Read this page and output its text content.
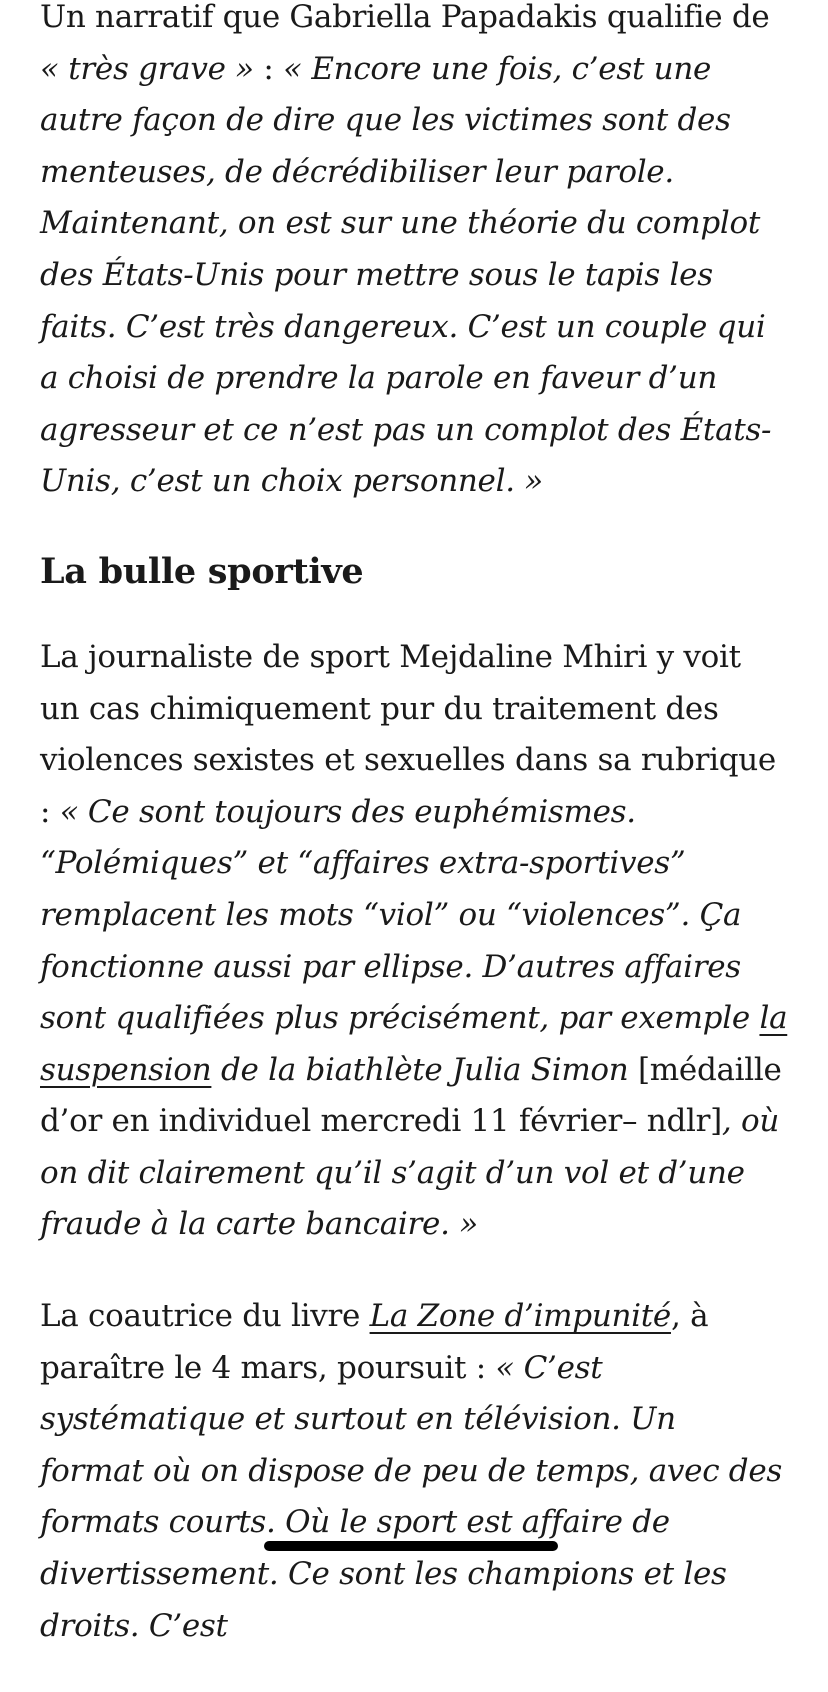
Un narratif que Gabriella Papadakis qualifie de « très grave » : « Encore une fois, c’est une autre façon de dire que les victimes sont des menteuses, de décrédibiliser leur parole. Maintenant, on est sur une théorie du complot des États-Unis pour mettre sous le tapis les faits. C’est très dangereux. C’est un couple qui a choisi de prendre la parole en faveur d’un agresseur et ce n’est pas un complot des États-Unis, c’est un choix personnel. »

La bulle sportive

La journaliste de sport Mejdaline Mhiri y voit un cas chimiquement pur du traitement des violences sexistes et sexuelles dans sa rubrique : « Ce sont toujours des euphémismes. “Polémiques” et “affaires extra-sportives” remplacent les mots “viol” ou “violences”. Ça fonctionne aussi par ellipse. D’autres affaires sont qualifiées plus précisément, par exemple la suspension de la biathlète Julia Simon [médaille d’or en individuel mercredi 11 février– ndlr], où on dit clairement qu’il s’agit d’un vol et d’une fraude à la carte bancaire. »

La coautrice du livre La Zone d’impunité, à paraître le 4 mars, poursuit : « C’est systématique et surtout en télévision. Un format où on dispose de peu de temps, avec des formats courts. Où le sport est affaire de divertissement. Ce sont les champions et les droits. C’est
